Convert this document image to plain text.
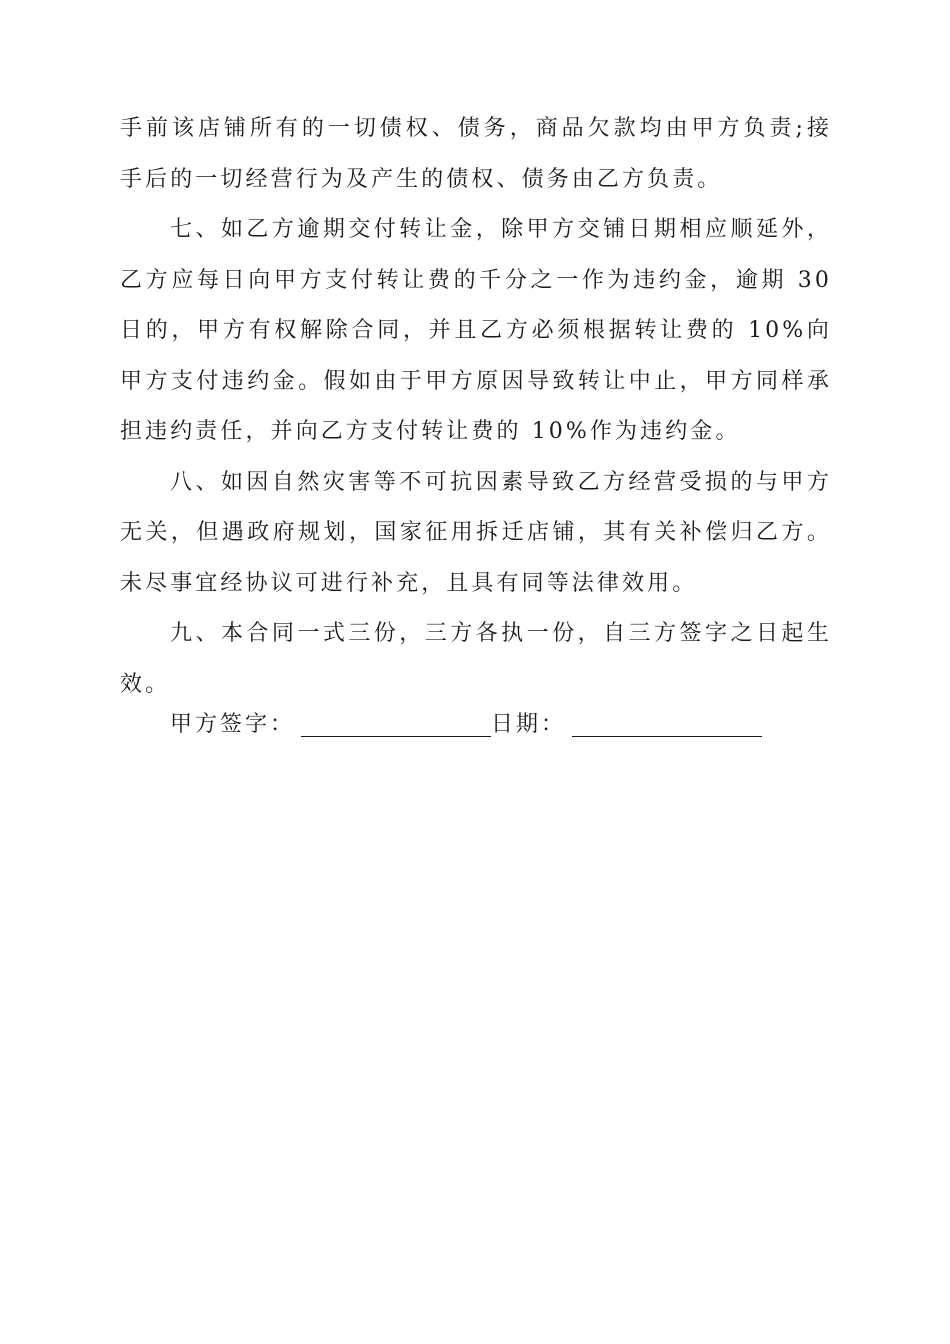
手前该店铺所有的一切债权、债务，商品欠款均由甲方负责;接手后的一切经营行为及产生的债权、债务由乙方负责。

七、如乙方逾期交付转让金，除甲方交铺日期相应顺延外，乙方应每日向甲方支付转让费的千分之一作为违约金，逾期 30 日的，甲方有权解除合同，并且乙方必须根据转让费的 10%向甲方支付违约金。假如由于甲方原因导致转让中止，甲方同样承担违约责任，并向乙方支付转让费的 10%作为违约金。

八、如因自然灾害等不可抗因素导致乙方经营受损的与甲方无关，但遇政府规划，国家征用拆迁店铺，其有关补偿归乙方。未尽事宜经协议可进行补充，且具有同等法律效用。

九、本合同一式三份，三方各执一份，自三方签字之日起生效。

甲方签字：	日期：
